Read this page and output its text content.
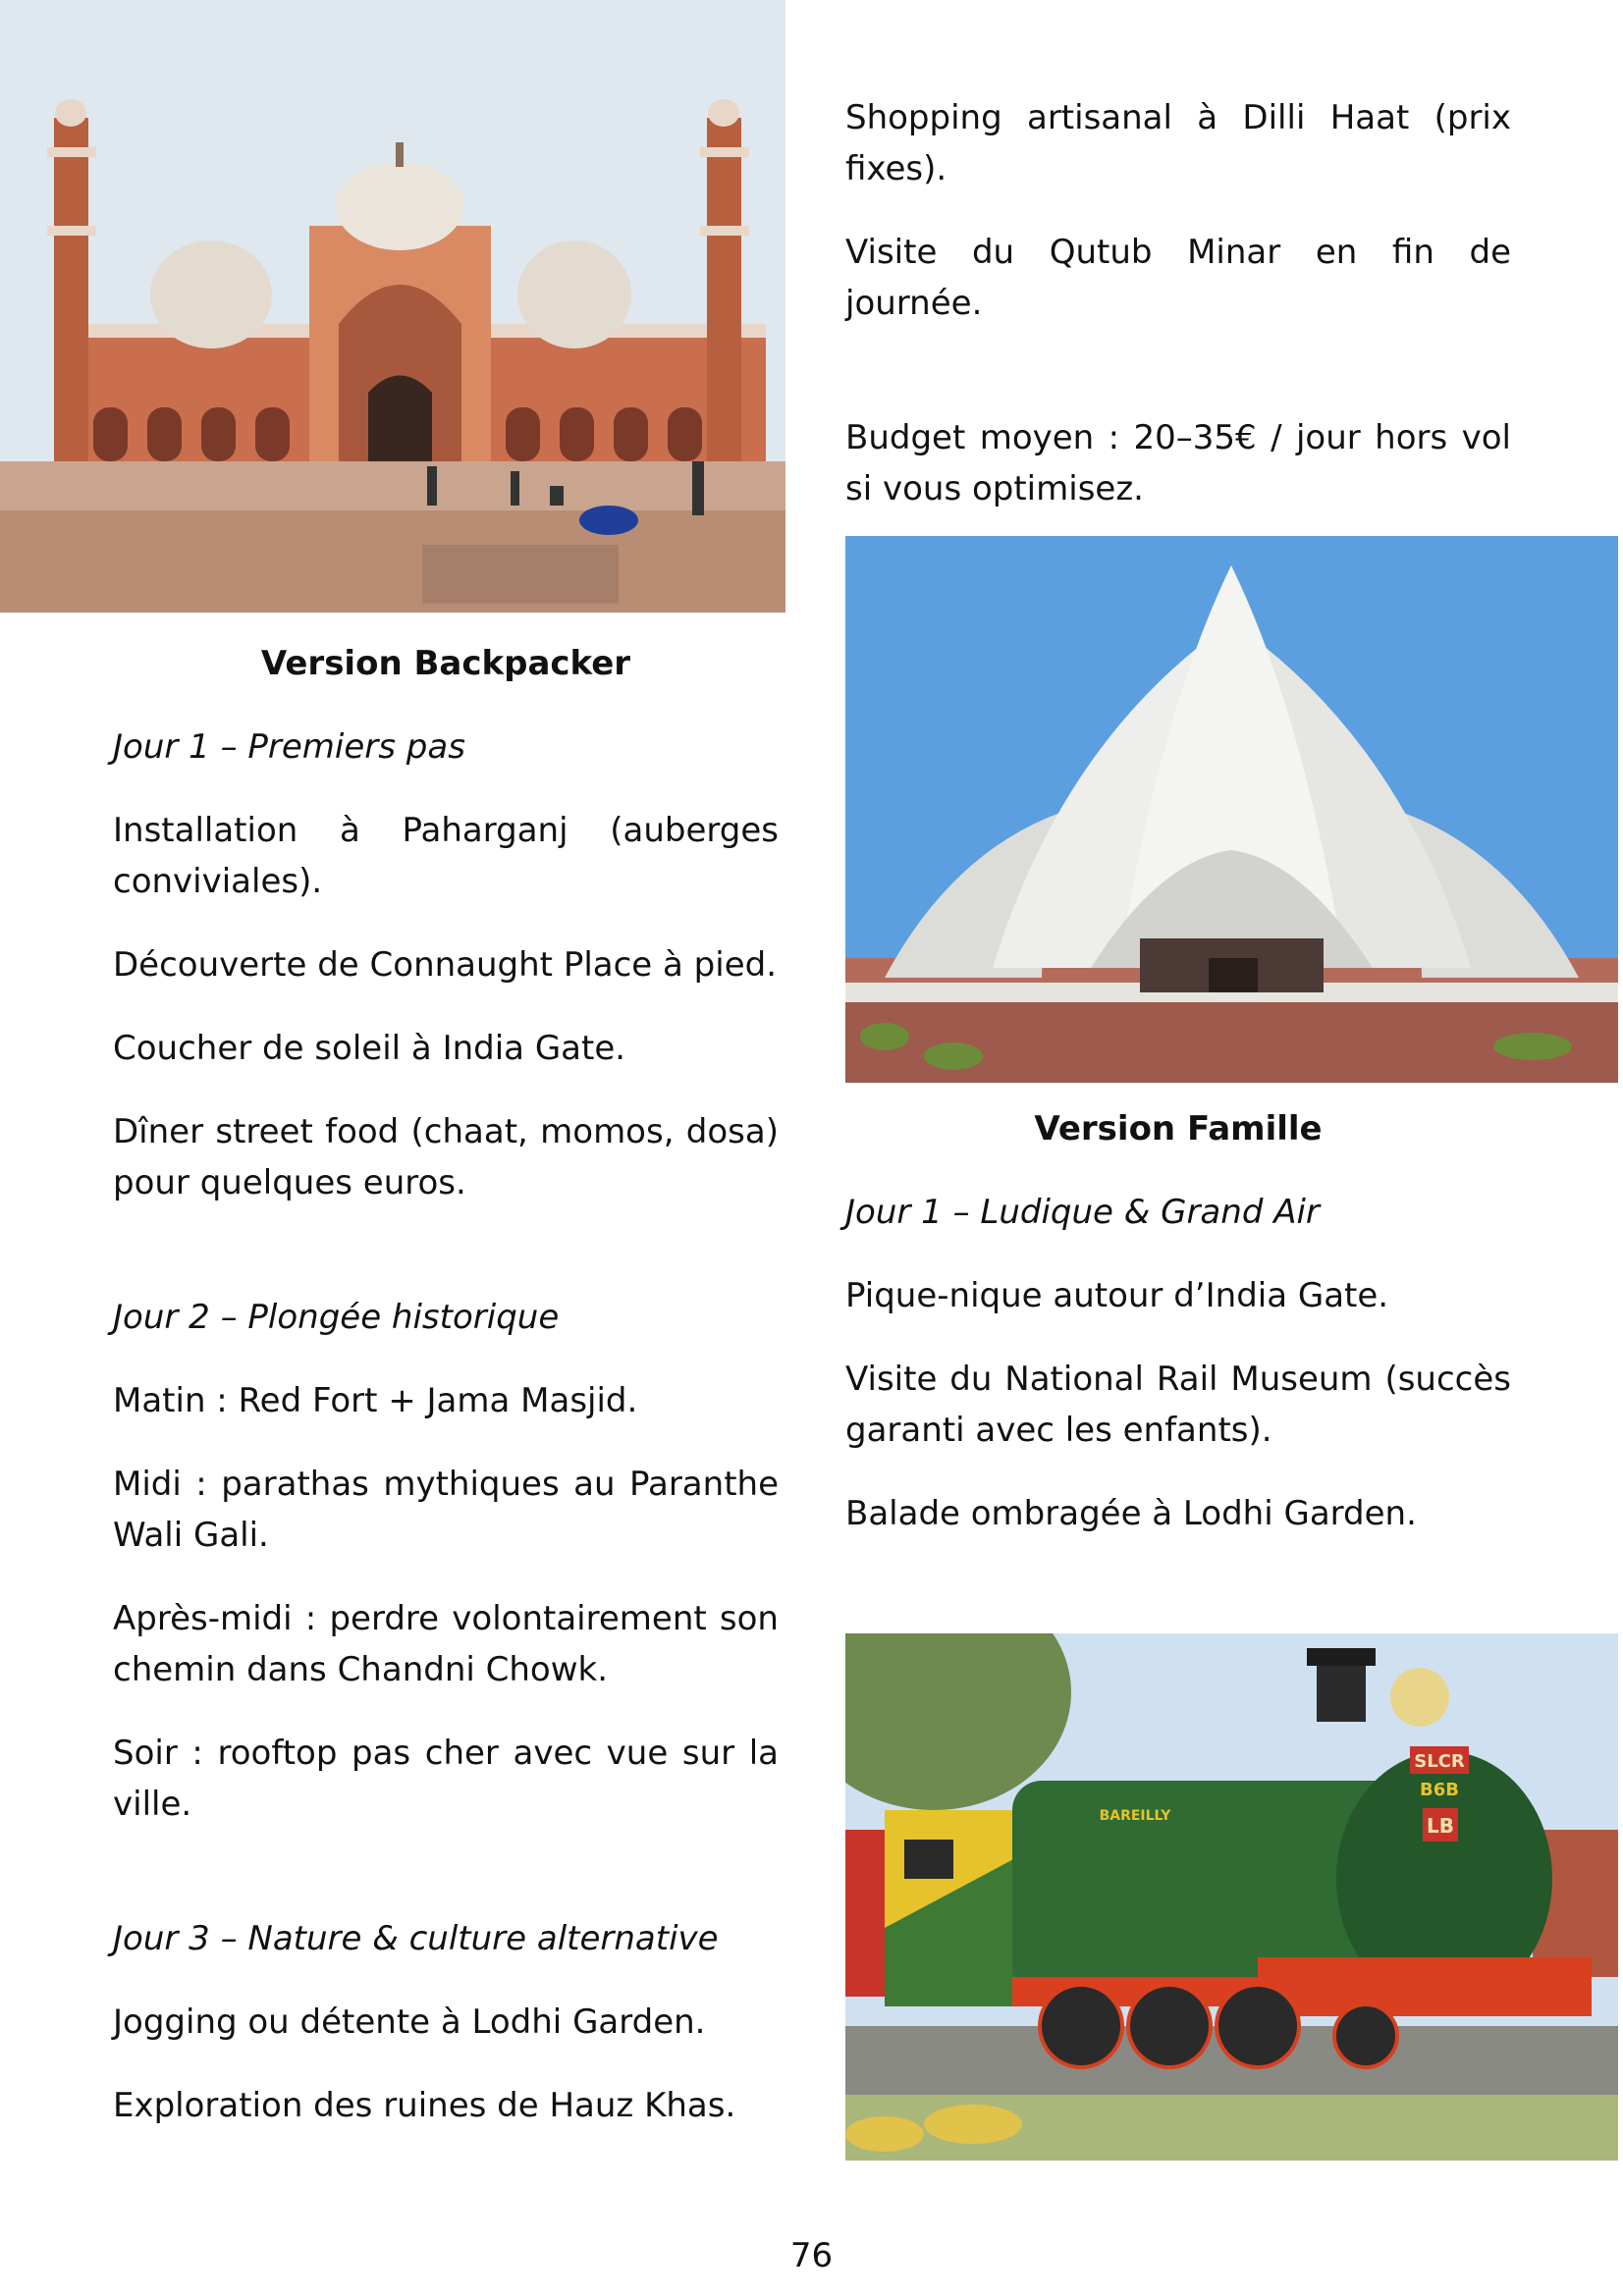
SLCR
B6B
LB
BAREILLY

Shopping artisanal à Dilli Haat (prix fixes).

Visite du Qutub Minar en fin de journée.

Budget moyen : 20–35€ / jour hors vol si vous optimisez.

Version Backpacker

Jour 1 – Premiers pas

Installation à Paharganj (auberges conviviales).

Découverte de Connaught Place à pied.

Coucher de soleil à India Gate.

Dîner street food (chaat, momos, dosa) pour quelques euros.

Jour 2 – Plongée historique

Matin : Red Fort + Jama Masjid.

Midi : parathas mythiques au Paranthe Wali Gali.

Après-midi : perdre volontairement son chemin dans Chandni Chowk.

Soir : rooftop pas cher avec vue sur la ville.

Jour 3 – Nature & culture alternative

Jogging ou détente à Lodhi Garden.

Exploration des ruines de Hauz Khas.

Version Famille

Jour 1 – Ludique & Grand Air

Pique-nique autour d’India Gate.

Visite du National Rail Museum (succès garanti avec les enfants).

Balade ombragée à Lodhi Garden.

76
